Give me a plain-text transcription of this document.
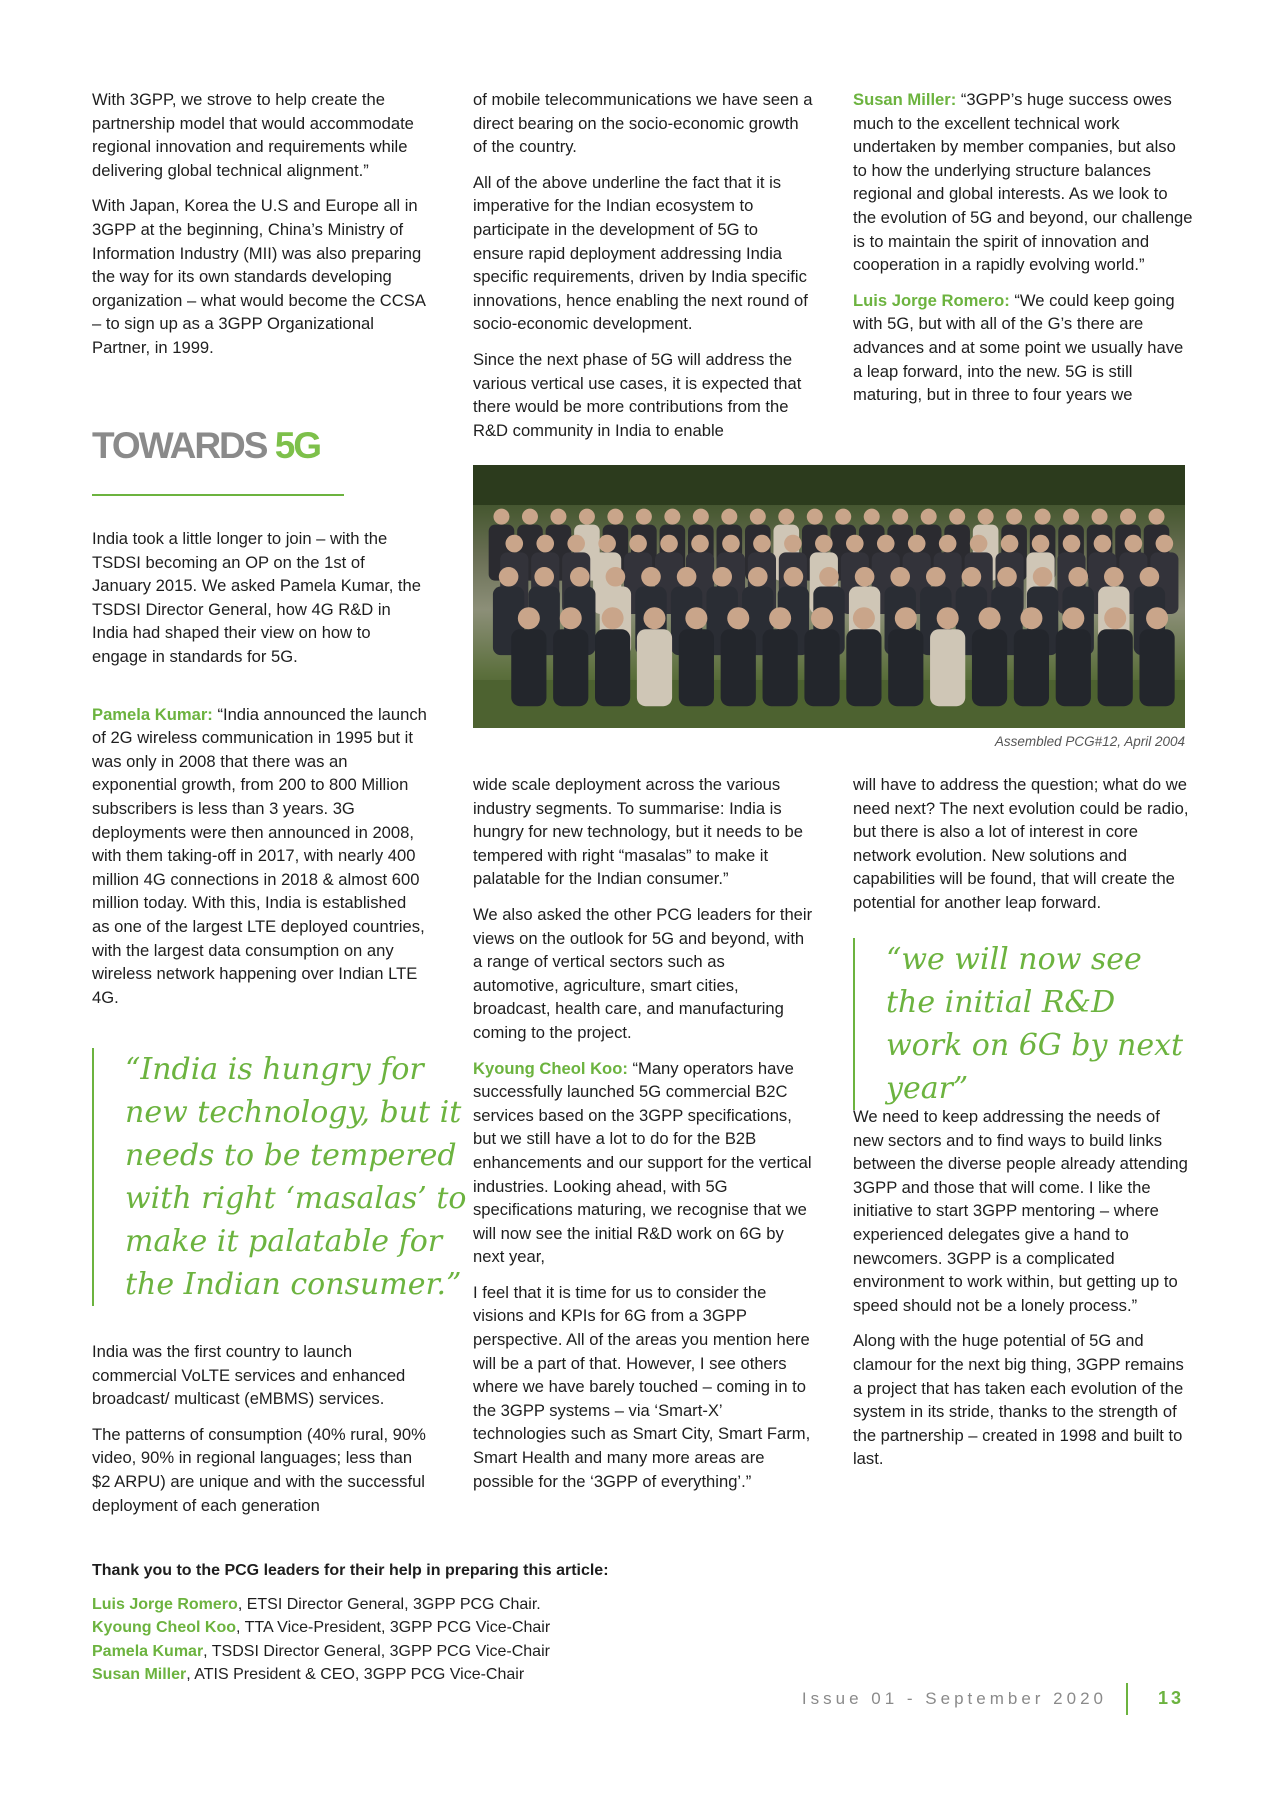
With 3GPP, we strove to help create the partnership model that would accommodate regional innovation and requirements while delivering global technical alignment.”

With Japan, Korea the U.S and Europe all in 3GPP at the beginning, China’s Ministry of Information Industry (MII) was also preparing the way for its own standards developing organization – what would become the CCSA – to sign up as a 3GPP Organizational Partner, in 1999.

TOWARDS 5G

India took a little longer to join – with the TSDSI becoming an OP on the 1st of January 2015. We asked Pamela Kumar, the TSDSI Director General, how 4G R&D in India had shaped their view on how to engage in standards for 5G.

Pamela Kumar: “India announced the launch of 2G wireless communication in 1995 but it was only in 2008 that there was an exponential growth, from 200 to 800 Million subscribers is less than 3 years. 3G deployments were then announced in 2008, with them taking-off in 2017, with nearly 400 million 4G connections in 2018 & almost 600 million today. With this, India is established as one of the largest LTE deployed countries, with the largest data consumption on any wireless network happening over Indian LTE 4G.

“India is hungry for new technology, but it needs to be tempered with right ‘masalas’ to make it palatable for the Indian consumer.”

India was the first country to launch commercial VoLTE services and enhanced broadcast/ multicast (eMBMS) services.

The patterns of consumption (40% rural, 90% video, 90% in regional languages; less than $2 ARPU) are unique and with the successful deployment of each generation

of mobile telecommunications we have seen a direct bearing on the socio-economic growth of the country.

All of the above underline the fact that it is imperative for the Indian ecosystem to participate in the development of 5G to ensure rapid deployment addressing India specific requirements, driven by India specific innovations, hence enabling the next round of socio-economic development.

Since the next phase of 5G will address the various vertical use cases, it is expected that there would be more contributions from the R&D community in India to enable

Susan Miller: “3GPP’s huge success owes much to the excellent technical work undertaken by member companies, but also to how the underlying structure balances regional and global interests. As we look to the evolution of 5G and beyond, our challenge is to maintain the spirit of innovation and cooperation in a rapidly evolving world.”

Luis Jorge Romero: “We could keep going with 5G, but with all of the G’s there are advances and at some point we usually have a leap forward, into the new. 5G is still maturing, but in three to four years we

Assembled PCG#12, April 2004

wide scale deployment across the various industry segments. To summarise: India is hungry for new technology, but it needs to be tempered with right “masalas” to make it palatable for the Indian consumer.”

We also asked the other PCG leaders for their views on the outlook for 5G and beyond, with a range of vertical sectors such as automotive, agriculture, smart cities, broadcast, health care, and manufacturing coming to the project.

Kyoung Cheol Koo: “Many operators have successfully launched 5G commercial B2C services based on the 3GPP specifications, but we still have a lot to do for the B2B enhancements and our support for the vertical industries. Looking ahead, with 5G specifications maturing, we recognise that we will now see the initial R&D work on 6G by next year,

I feel that it is time for us to consider the visions and KPIs for 6G from a 3GPP perspective. All of the areas you mention here will be a part of that. However, I see others where we have barely touched – coming in to the 3GPP systems – via ‘Smart-X’ technologies such as Smart City, Smart Farm, Smart Health and many more areas are possible for the ‘3GPP of everything’.”

will have to address the question; what do we need next? The next evolution could be radio, but there is also a lot of interest in core network evolution. New solutions and capabilities will be found, that will create the potential for another leap forward.

“we will now see the initial R&D work on 6G by next year”

We need to keep addressing the needs of new sectors and to find ways to build links between the diverse people already attending 3GPP and those that will come. I like the initiative to start 3GPP mentoring – where experienced delegates give a hand to newcomers. 3GPP is a complicated environment to work within, but getting up to speed should not be a lonely process.”

Along with the huge potential of 5G and clamour for the next big thing, 3GPP remains a project that has taken each evolution of the system in its stride, thanks to the strength of the partnership – created in 1998 and built to last.

Thank you to the PCG leaders for their help in preparing this article:

Luis Jorge Romero, ETSI Director General, 3GPP PCG Chair.

Kyoung Cheol Koo, TTA Vice-President, 3GPP PCG Vice-Chair

Pamela Kumar, TSDSI Director General, 3GPP PCG Vice-Chair

Susan Miller, ATIS President & CEO, 3GPP PCG Vice-Chair

Issue 01 - September 2020	13
